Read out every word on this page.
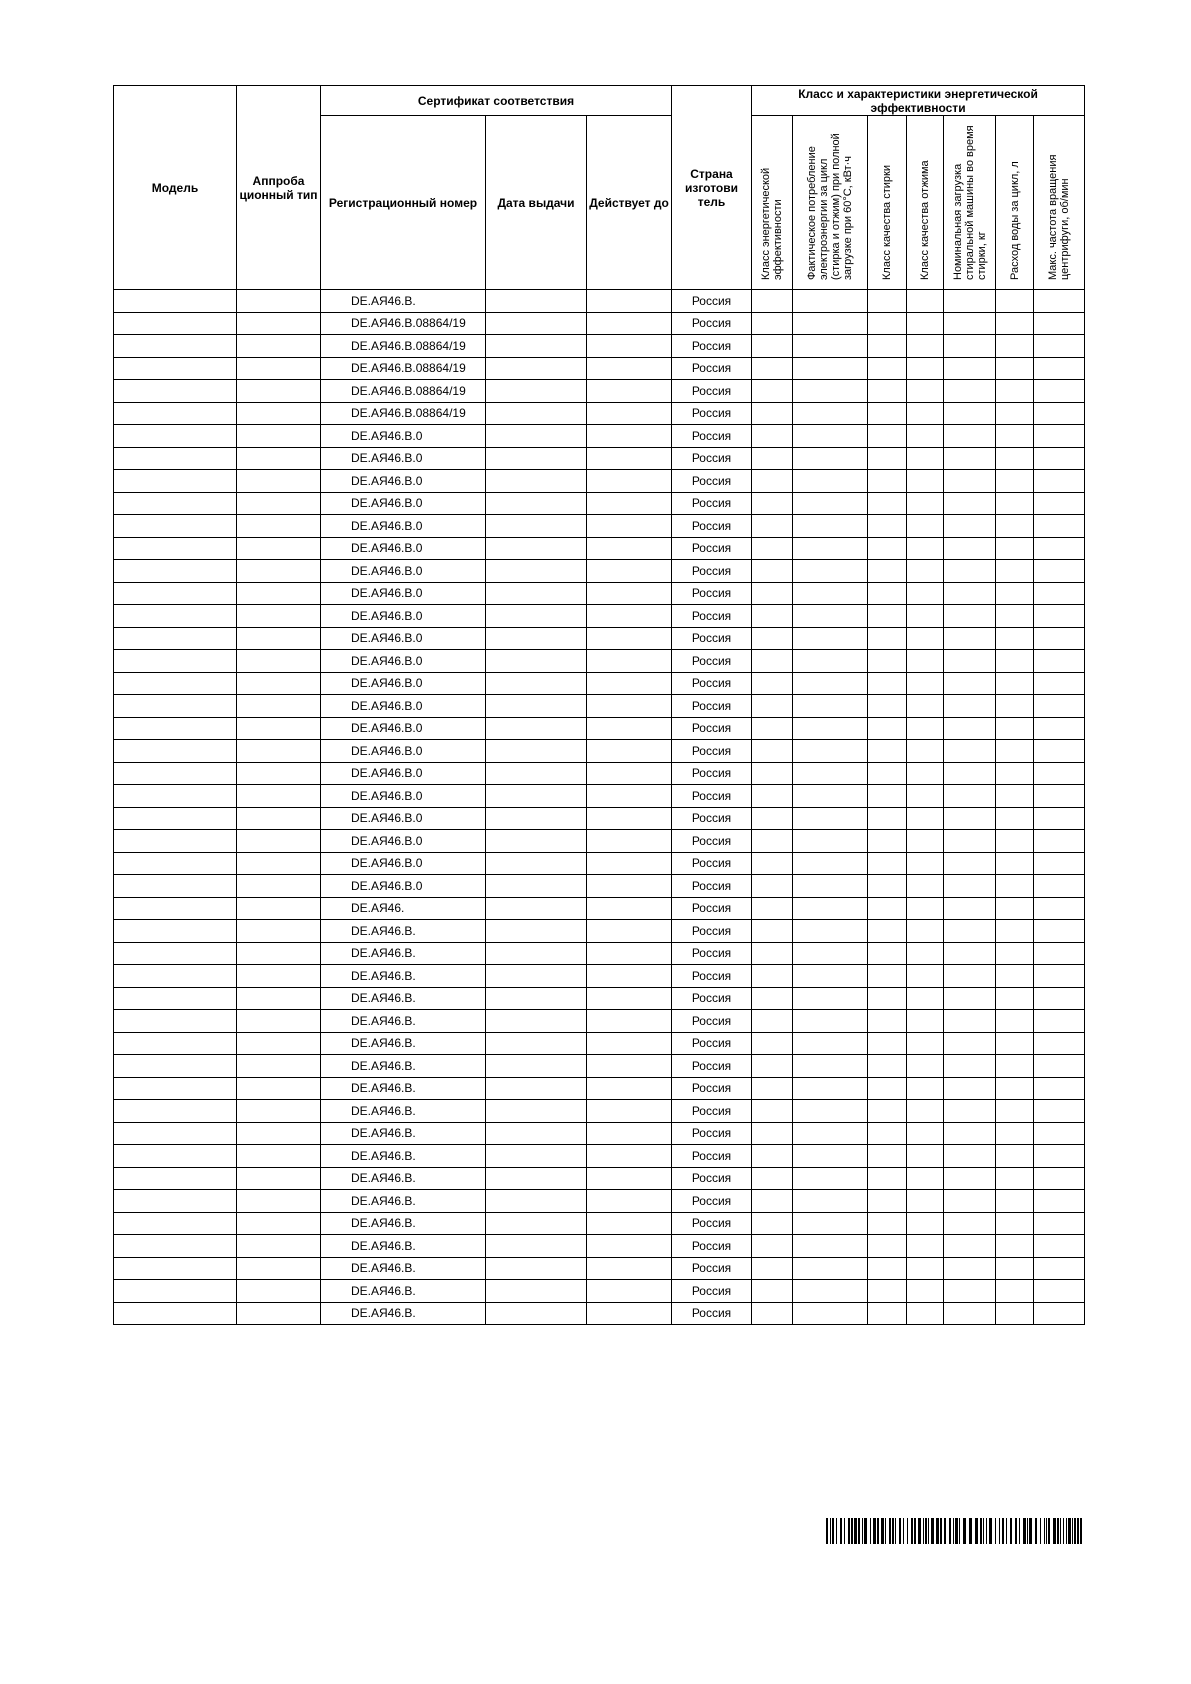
Модель	Аппроба ционный тип	Сертификат соответствия			Страна изготови тель	Класс и характеристики энергетической эффективности						
		Регистрационный номер	Дата выдачи	Действует до		Класс энергетической эффективности	Фактическое потребление электроэнергии за цикл (стирка и отжим) при полной загрузке при 60°С, кВт·ч	Класс качества стирки	Класс качества отжима	Номинальная загрузка стиральной машины во время стирки, кг	Расход воды за цикл, л	Макс. частота вращения центрифуги, об/мин
		DE.АЯ46.В.			Россия							
		DE.АЯ46.В.08864/19			Россия							
		DE.АЯ46.В.08864/19			Россия							
		DE.АЯ46.В.08864/19			Россия							
		DE.АЯ46.В.08864/19			Россия							
		DE.АЯ46.В.08864/19			Россия							
		DE.АЯ46.В.0			Россия							
		DE.АЯ46.В.0			Россия							
		DE.АЯ46.В.0			Россия							
		DE.АЯ46.В.0			Россия							
		DE.АЯ46.В.0			Россия							
		DE.АЯ46.В.0			Россия							
		DE.АЯ46.В.0			Россия							
		DE.АЯ46.В.0			Россия							
		DE.АЯ46.В.0			Россия							
		DE.АЯ46.В.0			Россия							
		DE.АЯ46.В.0			Россия							
		DE.АЯ46.В.0			Россия							
		DE.АЯ46.В.0			Россия							
		DE.АЯ46.В.0			Россия							
		DE.АЯ46.В.0			Россия							
		DE.АЯ46.В.0			Россия							
		DE.АЯ46.В.0			Россия							
		DE.АЯ46.В.0			Россия							
		DE.АЯ46.В.0			Россия							
		DE.АЯ46.В.0			Россия							
		DE.АЯ46.В.0			Россия							
		DE.АЯ46.			Россия							
		DE.АЯ46.В.			Россия							
		DE.АЯ46.В.			Россия							
		DE.АЯ46.В.			Россия							
		DE.АЯ46.В.			Россия							
		DE.АЯ46.В.			Россия							
		DE.АЯ46.В.			Россия							
		DE.АЯ46.В.			Россия							
		DE.АЯ46.В.			Россия							
		DE.АЯ46.В.			Россия							
		DE.АЯ46.В.			Россия							
		DE.АЯ46.В.			Россия							
		DE.АЯ46.В.			Россия							
		DE.АЯ46.В.			Россия							
		DE.АЯ46.В.			Россия							
		DE.АЯ46.В.			Россия							
		DE.АЯ46.В.			Россия							
		DE.АЯ46.В.			Россия							
		DE.АЯ46.В.			Россия							
